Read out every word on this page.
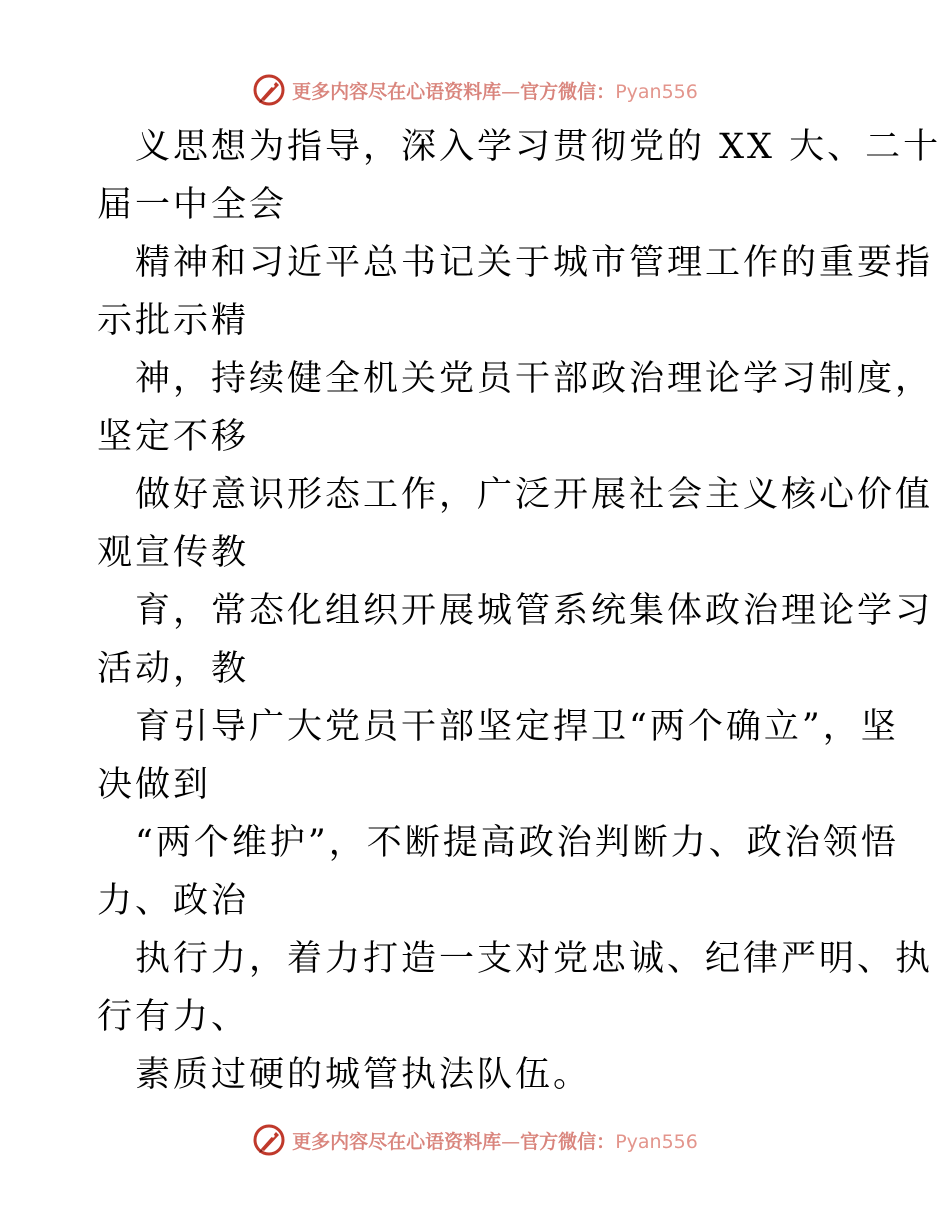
更多内容尽在心语资料库—官方微信：Pyan556

义思想为指导，深入学习贯彻党的 XX 大、二十

届一中全会

精神和习近平总书记关于城市管理工作的重要指

示批示精

神，持续健全机关党员干部政治理论学习制度，

坚定不移

做好意识形态工作，广泛开展社会主义核心价值

观宣传教

育，常态化组织开展城管系统集体政治理论学习

活动，教

育引导广大党员干部坚定捍卫“两个确立”，坚

决做到

“两个维护”，不断提高政治判断力、政治领悟

力、政治

执行力，着力打造一支对党忠诚、纪律严明、执

行有力、

素质过硬的城管执法队伍。

更多内容尽在心语资料库—官方微信：Pyan556
